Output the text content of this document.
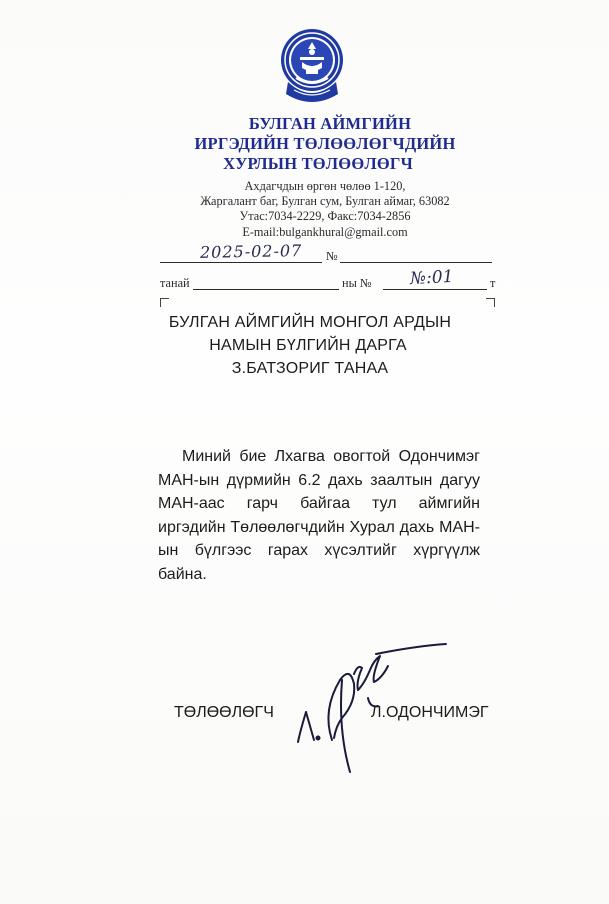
БУЛГАН АЙМГИЙН
ИРГЭДИЙН ТӨЛӨӨЛӨГЧДИЙН
ХУРЛЫН ТӨЛӨӨЛӨГЧ
Ахдагчдын өргөн чөлөө 1-120,
Жаргалант баг, Булган сум, Булган аймаг, 63082
Утас:7034-2229, Факс:7034-2856
E-mail:bulgankhural@gmail.com
2025-02-07 №
танай	ны № №:01	т
БУЛГАН АЙМГИЙН МОНГОЛ АРДЫН
НАМЫН БҮЛГИЙН ДАРГА
З.БАТЗОРИГ ТАНАА
Миний бие Лхагва овогтой Одончимэг МАН-ын дүрмийн 6.2 дахь заалтын дагуу МАН-аас гарч байгаа тул аймгийн иргэдийн Төлөөлөгчдийн Хурал дахь МАН-ын бүлгээс гарах хүсэлтийг хүргүүлж байна.
ТӨЛӨӨЛӨГЧ	Л.ОДОНЧИМЭГ
